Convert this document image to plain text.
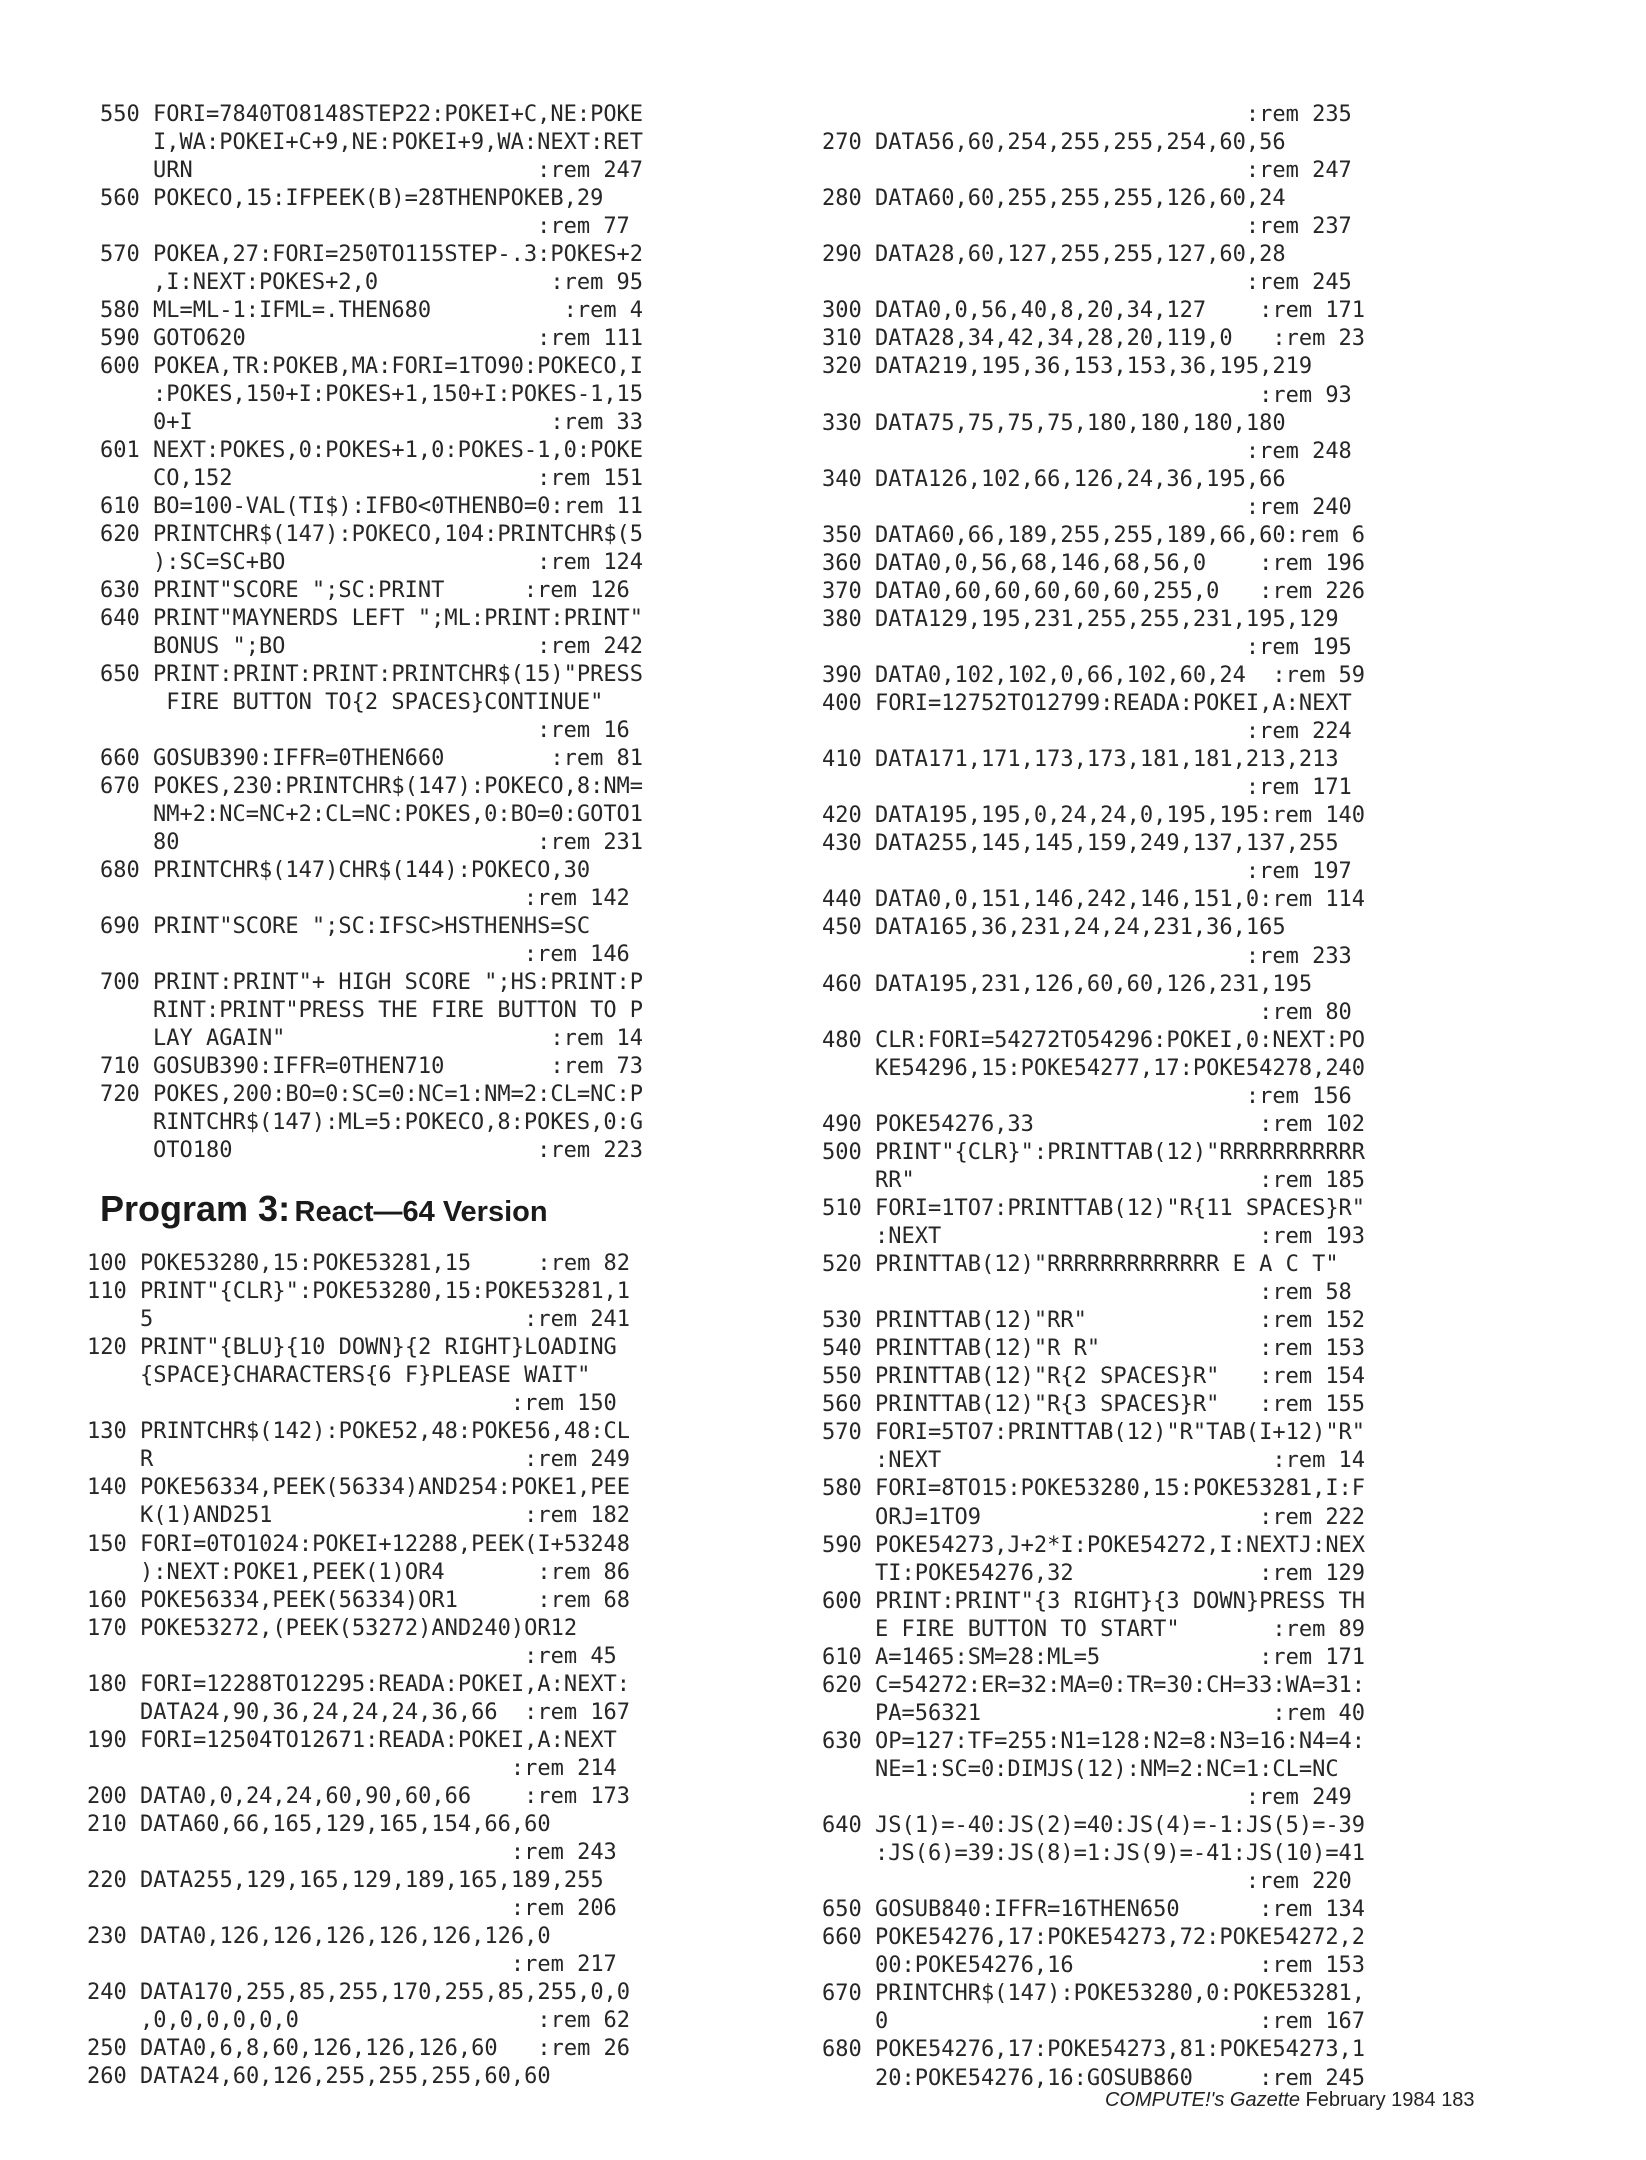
550 FORI=7840TO8148STEP22:POKEI+C,NE:POKE
I,WA:POKEI+C+9,NE:POKEI+9,WA:NEXT:RET
URN                          :rem 247
560 POKECO,15:IFPEEK(B)=28THENPOKEB,29
:rem 77
570 POKEA,27:FORI=250TO115STEP-.3:POKES+2
,I:NEXT:POKES+2,0             :rem 95
580 ML=ML-1:IFML=.THEN680          :rem 4
590 GOTO620                      :rem 111
600 POKEA,TR:POKEB,MA:FORI=1TO90:POKECO,I
:POKES,150+I:POKES+1,150+I:POKES-1,15
0+I                           :rem 33
601 NEXT:POKES,0:POKES+1,0:POKES-1,0:POKE
CO,152                       :rem 151
610 BO=100-VAL(TI$):IFBO<0THENBO=0:rem 11
620 PRINTCHR$(147):POKECO,104:PRINTCHR$(5
):SC=SC+BO                   :rem 124
630 PRINT"SCORE ";SC:PRINT      :rem 126
640 PRINT"MAYNERDS LEFT ";ML:PRINT:PRINT"
BONUS ";BO                   :rem 242
650 PRINT:PRINT:PRINT:PRINTCHR$(15)"PRESS
FIRE BUTTON TO{2 SPACES}CONTINUE"
:rem 16
660 GOSUB390:IFFR=0THEN660        :rem 81
670 POKES,230:PRINTCHR$(147):POKECO,8:NM=
NM+2:NC=NC+2:CL=NC:POKES,0:BO=0:GOTO1
80                           :rem 231
680 PRINTCHR$(147)CHR$(144):POKECO,30
:rem 142
690 PRINT"SCORE ";SC:IFSC>HSTHENHS=SC
:rem 146
700 PRINT:PRINT"+ HIGH SCORE ";HS:PRINT:P
RINT:PRINT"PRESS THE FIRE BUTTON TO P
LAY AGAIN"                    :rem 14
710 GOSUB390:IFFR=0THEN710        :rem 73
720 POKES,200:BO=0:SC=0:NC=1:NM=2:CL=NC:P
RINTCHR$(147):ML=5:POKECO,8:POKES,0:G
OTO180                       :rem 223
100 POKE53280,15:POKE53281,15     :rem 82
110 PRINT"{CLR}":POKE53280,15:POKE53281,1
5                            :rem 241
120 PRINT"{BLU}{10 DOWN}{2 RIGHT}LOADING
{SPACE}CHARACTERS{6 F}PLEASE WAIT"
:rem 150
130 PRINTCHR$(142):POKE52,48:POKE56,48:CL
R                            :rem 249
140 POKE56334,PEEK(56334)AND254:POKE1,PEE
K(1)AND251                   :rem 182
150 FORI=0TO1024:POKEI+12288,PEEK(I+53248
):NEXT:POKE1,PEEK(1)OR4       :rem 86
160 POKE56334,PEEK(56334)OR1      :rem 68
170 POKE53272,(PEEK(53272)AND240)OR12
:rem 45
180 FORI=12288TO12295:READA:POKEI,A:NEXT:
DATA24,90,36,24,24,24,36,66  :rem 167
190 FORI=12504TO12671:READA:POKEI,A:NEXT
:rem 214
200 DATA0,0,24,24,60,90,60,66    :rem 173
210 DATA60,66,165,129,165,154,66,60
:rem 243
220 DATA255,129,165,129,189,165,189,255
:rem 206
230 DATA0,126,126,126,126,126,126,0
:rem 217
240 DATA170,255,85,255,170,255,85,255,0,0
,0,0,0,0,0,0                  :rem 62
250 DATA0,6,8,60,126,126,126,60   :rem 26
260 DATA24,60,126,255,255,255,60,60
Program 3: React—64 Version
:rem 235
270 DATA56,60,254,255,255,254,60,56
:rem 247
280 DATA60,60,255,255,255,126,60,24
:rem 237
290 DATA28,60,127,255,255,127,60,28
:rem 245
300 DATA0,0,56,40,8,20,34,127    :rem 171
310 DATA28,34,42,34,28,20,119,0   :rem 23
320 DATA219,195,36,153,153,36,195,219
:rem 93
330 DATA75,75,75,75,180,180,180,180
:rem 248
340 DATA126,102,66,126,24,36,195,66
:rem 240
350 DATA60,66,189,255,255,189,66,60:rem 6
360 DATA0,0,56,68,146,68,56,0    :rem 196
370 DATA0,60,60,60,60,60,255,0   :rem 226
380 DATA129,195,231,255,255,231,195,129
:rem 195
390 DATA0,102,102,0,66,102,60,24  :rem 59
400 FORI=12752TO12799:READA:POKEI,A:NEXT
:rem 224
410 DATA171,171,173,173,181,181,213,213
:rem 171
420 DATA195,195,0,24,24,0,195,195:rem 140
430 DATA255,145,145,159,249,137,137,255
:rem 197
440 DATA0,0,151,146,242,146,151,0:rem 114
450 DATA165,36,231,24,24,231,36,165
:rem 233
460 DATA195,231,126,60,60,126,231,195
:rem 80
480 CLR:FORI=54272TO54296:POKEI,0:NEXT:PO
KE54296,15:POKE54277,17:POKE54278,240
:rem 156
490 POKE54276,33                 :rem 102
500 PRINT"{CLR}":PRINTTAB(12)"RRRRRRRRRRR
RR"                          :rem 185
510 FORI=1TO7:PRINTTAB(12)"R{11 SPACES}R"
:NEXT                        :rem 193
520 PRINTTAB(12)"RRRRRRRRRRRRR E A C T"
:rem 58
530 PRINTTAB(12)"RR"             :rem 152
540 PRINTTAB(12)"R R"            :rem 153
550 PRINTTAB(12)"R{2 SPACES}R"   :rem 154
560 PRINTTAB(12)"R{3 SPACES}R"   :rem 155
570 FORI=5TO7:PRINTTAB(12)"R"TAB(I+12)"R"
:NEXT                         :rem 14
580 FORI=8TO15:POKE53280,15:POKE53281,I:F
ORJ=1TO9                     :rem 222
590 POKE54273,J+2*I:POKE54272,I:NEXTJ:NEX
TI:POKE54276,32              :rem 129
600 PRINT:PRINT"{3 RIGHT}{3 DOWN}PRESS TH
E FIRE BUTTON TO START"       :rem 89
610 A=1465:SM=28:ML=5            :rem 171
620 C=54272:ER=32:MA=0:TR=30:CH=33:WA=31:
PA=56321                      :rem 40
630 OP=127:TF=255:N1=128:N2=8:N3=16:N4=4:
NE=1:SC=0:DIMJS(12):NM=2:NC=1:CL=NC
:rem 249
640 JS(1)=-40:JS(2)=40:JS(4)=-1:JS(5)=-39
:JS(6)=39:JS(8)=1:JS(9)=-41:JS(10)=41
:rem 220
650 GOSUB840:IFFR=16THEN650      :rem 134
660 POKE54276,17:POKE54273,72:POKE54272,2
00:POKE54276,16              :rem 153
670 PRINTCHR$(147):POKE53280,0:POKE53281,
0                            :rem 167
680 POKE54276,17:POKE54273,81:POKE54273,1
20:POKE54276,16:GOSUB860     :rem 245
COMPUTE!'s Gazette February 1984 183
